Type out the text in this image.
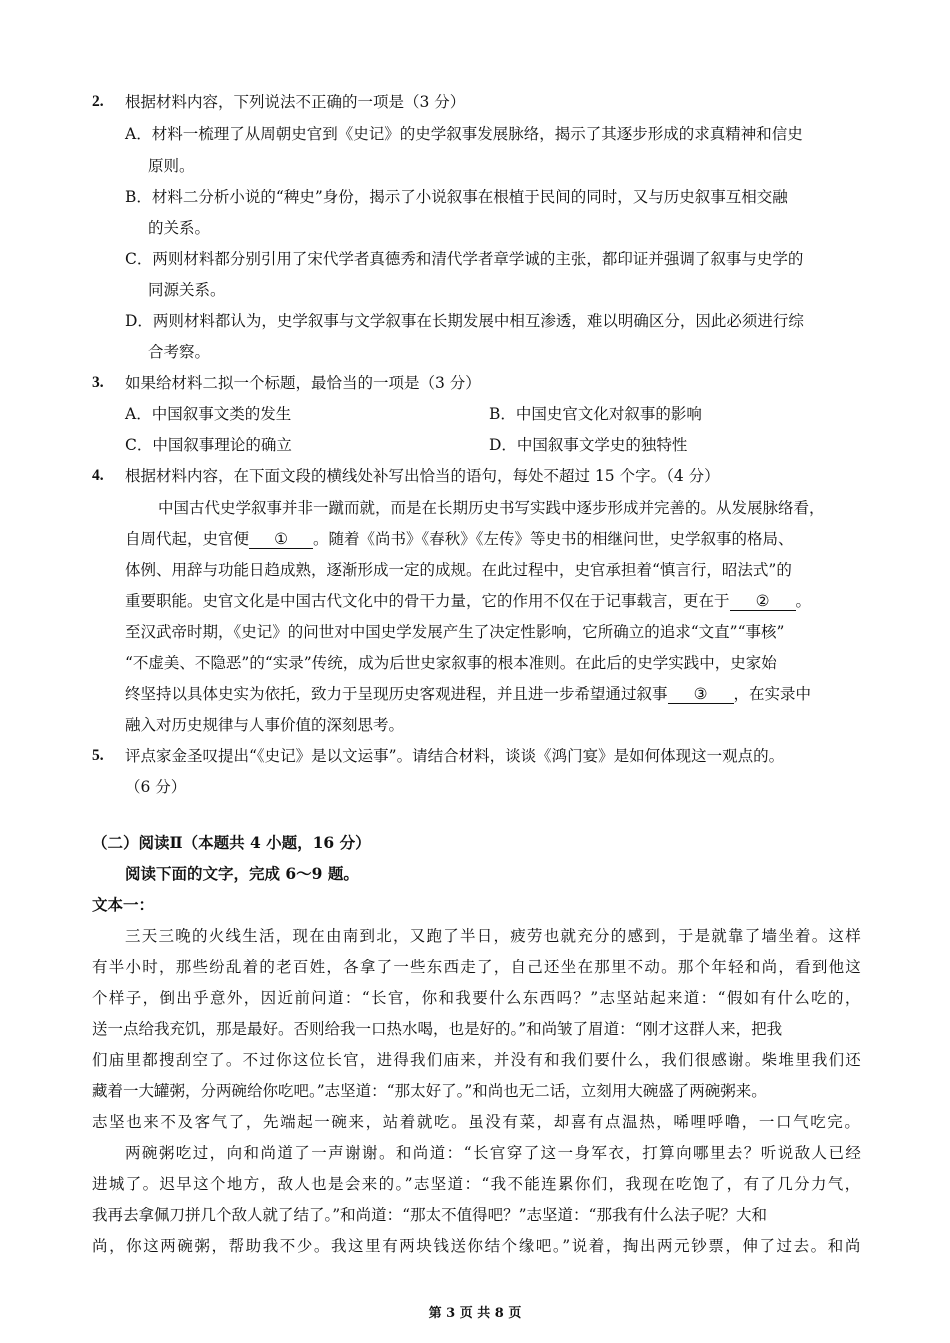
2. 根据材料内容，下列说法不正确的一项是（3 分）
A．材料一梳理了从周朝史官到《史记》的史学叙事发展脉络，揭示了其逐步形成的求真精神和信史
原则。
B．材料二分析小说的“稗史”身份，揭示了小说叙事在根植于民间的同时，又与历史叙事互相交融
的关系。
C．两则材料都分别引用了宋代学者真德秀和清代学者章学诚的主张，都印证并强调了叙事与史学的
同源关系。
D．两则材料都认为，史学叙事与文学叙事在长期发展中相互渗透，难以明确区分，因此必须进行综
合考察。
3. 如果给材料二拟一个标题，最恰当的一项是（3 分）
A．中国叙事文类的发生	B．中国史官文化对叙事的影响
C．中国叙事理论的确立	D．中国叙事文学史的独特性
4. 根据材料内容，在下面文段的横线处补写出恰当的语句，每处不超过 15 个字。（4 分）
中国古代史学叙事并非一蹴而就，而是在长期历史书写实践中逐步形成并完善的。从发展脉络看，
自周代起，史官便 ① 。随着《尚书》《春秋》《左传》等史书的相继问世，史学叙事的格局、
体例、用辞与功能日趋成熟，逐渐形成一定的成规。在此过程中，史官承担着“慎言行，昭法式”的
重要职能。史官文化是中国古代文化中的骨干力量，它的作用不仅在于记事载言，更在于 ② 。
至汉武帝时期，《史记》的问世对中国史学发展产生了决定性影响，它所确立的追求“文直”“事核”
“不虚美、不隐恶”的“实录”传统，成为后世史家叙事的根本准则。在此后的史学实践中，史家始
终坚持以具体史实为依托，致力于呈现历史客观进程，并且进一步希望通过叙事 ③ ，在实录中
融入对历史规律与人事价值的深刻思考。
5. 评点家金圣叹提出“《史记》是以文运事”。请结合材料，谈谈《鸿门宴》是如何体现这一观点的。
（6 分）
（二）阅读Ⅱ（本题共 4 小题，16 分）
阅读下面的文字，完成 6～9 题。
文本一：
三天三晚的火线生活，现在由南到北，又跑了半日，疲劳也就充分的感到，于是就靠了墙坐着。这样
有半小时，那些纷乱着的老百姓，各拿了一些东西走了，自己还坐在那里不动。那个年轻和尚，看到他这
个样子，倒出乎意外，因近前问道：“长官，你和我要什么东西吗？”志坚站起来道：“假如有什么吃的，
送一点给我充饥，那是最好。否则给我一口热水喝，也是好的。”和尚皱了眉道：“刚才这群人来，把我
们庙里都搜刮空了。不过你这位长官，进得我们庙来，并没有和我们要什么，我们很感谢。柴堆里我们还
藏着一大罐粥，分两碗给你吃吧。”志坚道：“那太好了。”和尚也无二话，立刻用大碗盛了两碗粥来。
志坚也来不及客气了，先端起一碗来，站着就吃。虽没有菜，却喜有点温热，唏哩呼噜，一口气吃完。
两碗粥吃过，向和尚道了一声谢谢。和尚道：“长官穿了这一身军衣，打算向哪里去？听说敌人已经
进城了。迟早这个地方，敌人也是会来的。”志坚道：“我不能连累你们，我现在吃饱了，有了几分力气，
我再去拿佩刀拼几个敌人就了结了。”和尚道：“那太不值得吧？”志坚道：“那我有什么法子呢？大和
尚，你这两碗粥，帮助我不少。我这里有两块钱送你结个缘吧。”说着，掏出两元钞票，伸了过去。和尚
第 3 页 共 8 页
